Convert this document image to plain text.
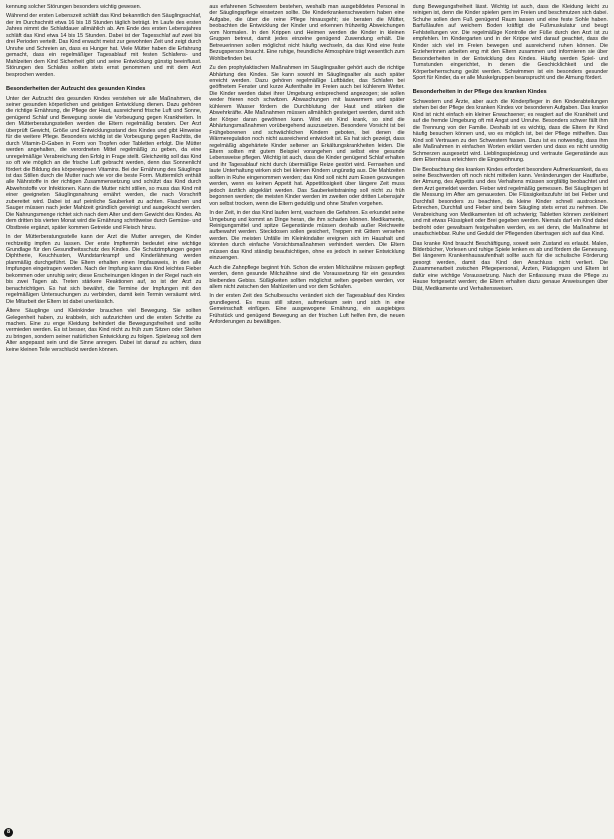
kennung solcher Störungen besonders wichtig gewesen.

Während der ersten Lebenszeit schläft das Kind bekanntlich den Säuglingsschlaf, der im Durchschnitt etwa 16 bis 18 Stunden täglich beträgt. Im Laufe des ersten Jahres nimmt die Schlafdauer allmählich ab. Am Ende des ersten Lebensjahres schläft das Kind etwa 14 bis 15 Stunden. Dabei ist der Tagesschlaf auf zwei bis drei Perioden verteilt. Das Kind erwacht meist zur gewohnten Zeit und zeigt durch Unruhe und Schreien an, dass es Hunger hat. Viele Mütter haben die Erfahrung gemacht, dass ein regelmäßiger Tagesablauf mit festen Schlafens- und Mahlzeiten dem Kind Sicherheit gibt und seine Entwicklung günstig beeinflusst. Störungen des Schlafes sollten stets ernst genommen und mit dem Arzt besprochen werden.

Besonderheiten der Aufzucht des gesunden Kindes

Unter der Aufzucht des gesunden Kindes verstehen wir alle Maßnahmen, die seiner gesunden körperlichen und geistigen Entwicklung dienen. Dazu gehören die richtige Ernährung, die Pflege der Haut, ausreichend frische Luft und Sonne, genügend Schlaf und Bewegung sowie die Vorbeugung gegen Krankheiten. In den Mütterberatungsstellen werden die Eltern regelmäßig beraten. Der Arzt überprüft Gewicht, Größe und Entwicklungsstand des Kindes und gibt Hinweise für die weitere Pflege. Besonders wichtig ist die Vorbeugung gegen Rachitis, die durch Vitamin-D-Gaben in Form von Tropfen oder Tabletten erfolgt. Die Mütter werden angehalten, die verordneten Mittel regelmäßig zu geben, da eine unregelmäßige Verabreichung den Erfolg in Frage stellt. Gleichzeitig soll das Kind so oft wie möglich an die frische Luft gebracht werden, denn das Sonnenlicht fördert die Bildung des körpereigenen Vitamins. Bei der Ernährung des Säuglings ist das Stillen durch die Mutter nach wie vor die beste Form. Muttermilch enthält alle Nährstoffe in der richtigen Zusammensetzung und schützt das Kind durch Abwehrstoffe vor Infektionen. Kann die Mutter nicht stillen, so muss das Kind mit einer geeigneten Säuglingsnahrung ernährt werden, die nach Vorschrift zubereitet wird. Dabei ist auf peinliche Sauberkeit zu achten. Flaschen und Sauger müssen nach jeder Mahlzeit gründlich gereinigt und ausgekocht werden. Die Nahrungsmenge richtet sich nach dem Alter und dem Gewicht des Kindes. Ab dem dritten bis vierten Monat wird die Ernährung schrittweise durch Gemüse- und Obstbreie ergänzt, später kommen Getreide und Fleisch hinzu.

In der Mütterberatungsstelle kann der Arzt die Mutter anregen, die Kinder rechtzeitig impfen zu lassen. Der erste Impftermin bedeutet eine wichtige Grundlage für den Gesundheitsschutz des Kindes. Die Schutzimpfungen gegen Diphtherie, Keuchhusten, Wundstarrkrampf und Kinderlähmung werden planmäßig durchgeführt. Die Eltern erhalten einen Impfausweis, in den alle Impfungen eingetragen werden. Nach der Impfung kann das Kind leichtes Fieber bekommen oder unruhig sein; diese Erscheinungen klingen in der Regel nach ein bis zwei Tagen ab. Treten stärkere Reaktionen auf, so ist der Arzt zu benachrichtigen. Es hat sich bewährt, die Termine der Impfungen mit den regelmäßigen Untersuchungen zu verbinden, damit kein Termin versäumt wird. Die Mitarbeit der Eltern ist dabei unerlässlich.

Ältere Säuglinge und Kleinkinder brauchen viel Bewegung. Sie sollten Gelegenheit haben, zu krabbeln, sich aufzurichten und die ersten Schritte zu machen. Eine zu enge Kleidung behindert die Bewegungsfreiheit und sollte vermieden werden. Es ist besser, das Kind nicht zu früh zum Sitzen oder Stehen zu bringen, sondern seiner natürlichen Entwicklung zu folgen. Spielzeug soll dem Alter angepasst sein und die Sinne anregen. Dabei ist darauf zu achten, dass keine kleinen Teile verschluckt werden können.

aus erfahrenen Schwestern bestehen, weshalb man ausgebildetes Personal in der Säuglingspflege einsetzen sollte. Die Kinderkrankenschwestern haben eine Aufgabe, die über die reine Pflege hinausgeht; sie beraten die Mütter, beobachten die Entwicklung der Kinder und erkennen frühzeitig Abweichungen vom Normalen. In den Krippen und Heimen werden die Kinder in kleinen Gruppen betreut, damit jedes einzelne genügend Zuwendung erhält. Die Betreuerinnen sollen möglichst nicht häufig wechseln, da das Kind eine feste Bezugsperson braucht. Eine ruhige, freundliche Atmosphäre trägt wesentlich zum Wohlbefinden bei.

Zu den prophylaktischen Maßnahmen im Säuglingsalter gehört auch die richtige Abhärtung des Kindes. Sie kann sowohl im Säuglingsalter als auch später erreicht werden. Dazu gehören regelmäßige Luftbäder, das Schlafen bei geöffnetem Fenster und kurze Aufenthalte im Freien auch bei kühlerem Wetter. Die Kinder werden dabei ihrer Umgebung entsprechend angezogen; sie sollen weder frieren noch schwitzen. Abwaschungen mit lauwarmem und später kühlerem Wasser fördern die Durchblutung der Haut und stärken die Abwehrkräfte. Alle Maßnahmen müssen allmählich gesteigert werden, damit sich der Körper daran gewöhnen kann. Wird ein Kind krank, so sind die Abhärtungsmaßnahmen vorübergehend auszusetzen. Besondere Vorsicht ist bei Frühgeborenen und schwächlichen Kindern geboten, bei denen die Wärmeregulation noch nicht ausreichend entwickelt ist. Es hat sich gezeigt, dass regelmäßig abgehärtete Kinder seltener an Erkältungskrankheiten leiden. Die Eltern sollten mit gutem Beispiel vorangehen und selbst eine gesunde Lebensweise pflegen. Wichtig ist auch, dass die Kinder genügend Schlaf erhalten und ihr Tagesablauf nicht durch übermäßige Reize gestört wird. Fernsehen und laute Unterhaltung wirken sich bei kleinen Kindern ungünstig aus. Die Mahlzeiten sollten in Ruhe eingenommen werden; das Kind soll nicht zum Essen gezwungen werden, wenn es keinen Appetit hat. Appetitlosigkeit über längere Zeit muss jedoch ärztlich abgeklärt werden. Das Sauberkeitstraining soll nicht zu früh begonnen werden; die meisten Kinder werden im zweiten oder dritten Lebensjahr von selbst trocken, wenn die Eltern geduldig und ohne Strafen vorgehen.

In der Zeit, in der das Kind laufen lernt, wachsen die Gefahren. Es erkundet seine Umgebung und kommt an Dinge heran, die ihm schaden können. Medikamente, Reinigungsmittel und spitze Gegenstände müssen deshalb außer Reichweite aufbewahrt werden. Steckdosen sollen gesichert, Treppen mit Gittern versehen werden. Die meisten Unfälle im Kleinkindalter ereignen sich im Haushalt und könnten durch einfache Vorsichtsmaßnahmen verhindert werden. Die Eltern müssen das Kind ständig beaufsichtigen, ohne es jedoch in seiner Entwicklung einzuengen.

Auch die Zahnpflege beginnt früh. Schon die ersten Milchzähne müssen gepflegt werden, denn gesunde Milchzähne sind die Voraussetzung für ein gesundes bleibendes Gebiss. Süßigkeiten sollten möglichst selten gegeben werden, vor allem nicht zwischen den Mahlzeiten und vor dem Schlafen.

In der ersten Zeit des Schulbesuchs verändert sich der Tagesablauf des Kindes grundlegend. Es muss still sitzen, aufmerksam sein und sich in eine Gemeinschaft einfügen. Eine ausgewogene Ernährung, ein ausgiebiges Frühstück und genügend Bewegung an der frischen Luft helfen ihm, die neuen Anforderungen zu bewältigen.

dung Bewegungsfreiheit lässt. Wichtig ist auch, dass die Kleidung leicht zu reinigen ist, denn die Kinder spielen gern im Freien und beschmutzen sich dabei. Schuhe sollen dem Fuß genügend Raum lassen und eine feste Sohle haben. Barfußlaufen auf weichem Boden kräftigt die Fußmuskulatur und beugt Fehlstellungen vor. Die regelmäßige Kontrolle der Füße durch den Arzt ist zu empfehlen. Im Kindergarten und in der Krippe wird darauf geachtet, dass die Kinder sich viel im Freien bewegen und ausreichend ruhen können. Die Erzieherinnen arbeiten eng mit den Eltern zusammen und informieren sie über Besonderheiten in der Entwicklung des Kindes. Häufig werden Spiel- und Turnstunden eingerichtet, in denen die Geschicklichkeit und die Körperbeherrschung geübt werden. Schwimmen ist ein besonders gesunder Sport für Kinder, da er alle Muskelgruppen beansprucht und die Atmung fördert.

Besonderheiten in der Pflege des kranken Kindes

Schwestern und Ärzte, aber auch die Kinderpfleger in den Kinderabteilungen stehen bei der Pflege des kranken Kindes vor besonderen Aufgaben. Das kranke Kind ist nicht einfach ein kleiner Erwachsener; es reagiert auf die Krankheit und auf die fremde Umgebung oft mit Angst und Unruhe. Besonders schwer fällt ihm die Trennung von der Familie. Deshalb ist es wichtig, dass die Eltern ihr Kind häufig besuchen können und, wo es möglich ist, bei der Pflege mithelfen. Das Kind soll Vertrauen zu den Schwestern fassen. Dazu ist es notwendig, dass ihm alle Maßnahmen in einfachen Worten erklärt werden und dass es nicht unnötig Schmerzen ausgesetzt wird. Lieblingsspielzeug und vertraute Gegenstände aus dem Elternhaus erleichtern die Eingewöhnung.

Die Beobachtung des kranken Kindes erfordert besondere Aufmerksamkeit, da es seine Beschwerden oft noch nicht mitteilen kann. Veränderungen der Hautfarbe, der Atmung, des Appetits und des Verhaltens müssen sorgfältig beobachtet und dem Arzt gemeldet werden. Fieber wird regelmäßig gemessen. Bei Säuglingen ist die Messung im After am genauesten. Die Flüssigkeitszufuhr ist bei Fieber und Durchfall besonders zu beachten, da kleine Kinder schnell austrocknen. Erbrechen, Durchfall und Fieber sind beim Säugling stets ernst zu nehmen. Die Verabreichung von Medikamenten ist oft schwierig; Tabletten können zerkleinert und mit etwas Flüssigkeit oder Brei gegeben werden. Niemals darf ein Kind dabei bedroht oder gewaltsam festgehalten werden, es sei denn, die Maßnahme ist unaufschiebbar. Ruhe und Geduld der Pflegenden übertragen sich auf das Kind.

Das kranke Kind braucht Beschäftigung, soweit sein Zustand es erlaubt. Malen, Bilderbücher, Vorlesen und ruhige Spiele lenken es ab und fördern die Genesung. Bei längerem Krankenhausaufenthalt sollte auch für die schulische Förderung gesorgt werden, damit das Kind den Anschluss nicht verliert. Die Zusammenarbeit zwischen Pflegepersonal, Ärzten, Pädagogen und Eltern ist dafür eine wichtige Voraussetzung. Nach der Entlassung muss die Pflege zu Hause fortgesetzt werden; die Eltern erhalten dazu genaue Anweisungen über Diät, Medikamente und Verhaltensweisen.

8
